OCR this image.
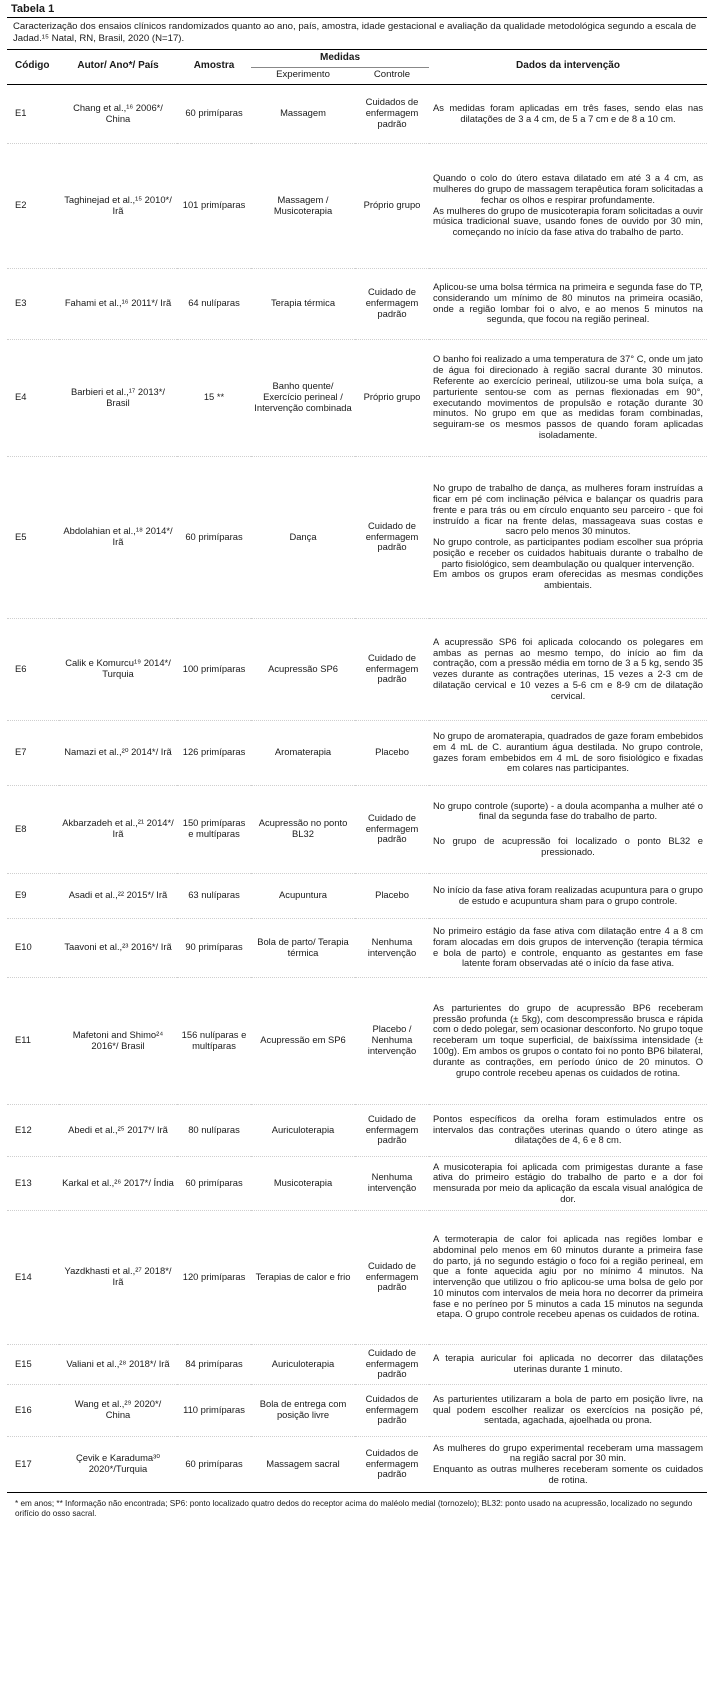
Tabela 1
Caracterização dos ensaios clínicos randomizados quanto ao ano, país, amostra, idade gestacional e avaliação da qualidade metodológica segundo a escala de Jadad.¹⁵ Natal, RN, Brasil, 2020 (N=17).
Código	Autor/ Ano*/ País	Amostra	Medidas		Dados da intervenção
			Experimento	Controle	
E1	Chang et al.,¹⁶ 2006*/ China	60 primíparas	Massagem	Cuidados de enfermagem padrão	As medidas foram aplicadas em três fases, sendo elas nas dilatações de 3 a 4 cm, de 5 a 7 cm e de 8 a 10 cm.

E2	Taghinejad et al.,¹⁵ 2010*/ Irã	101 primíparas	Massagem / Musicoterapia	Próprio grupo	Quando o colo do útero estava dilatado em até 3 a 4 cm, as mulheres do grupo de massagem terapêutica foram solicitadas a fechar os olhos e respirar profundamente.

As mulheres do grupo de musicoterapia foram solicitadas a ouvir música tradicional suave, usando fones de ouvido por 30 min, começando no início da fase ativa do trabalho de parto.

E3	Fahami et al.,¹⁶ 2011*/ Irã	64 nulíparas	Terapia térmica	Cuidado de enfermagem padrão	Aplicou-se uma bolsa térmica na primeira e segunda fase do TP, considerando um mínimo de 80 minutos na primeira ocasião, onde a região lombar foi o alvo, e ao menos 5 minutos na segunda, que focou na região perineal.

E4	Barbieri et al.,¹⁷ 2013*/ Brasil	15 **	Banho quente/ Exercício perineal / Intervenção combinada	Próprio grupo	O banho foi realizado a uma temperatura de 37° C, onde um jato de água foi direcionado à região sacral durante 30 minutos. Referente ao exercício perineal, utilizou-se uma bola suíça, a parturiente sentou-se com as pernas flexionadas em 90°, executando movimentos de propulsão e rotação durante 30 minutos. No grupo em que as medidas foram combinadas, seguiram-se os mesmos passos de quando foram aplicadas isoladamente.

E5	Abdolahian et al.,¹⁸ 2014*/ Irã	60 primíparas	Dança	Cuidado de enfermagem padrão	No grupo de trabalho de dança, as mulheres foram instruídas a ficar em pé com inclinação pélvica e balançar os quadris para frente e para trás ou em círculo enquanto seu parceiro - que foi instruído a ficar na frente delas, massageava suas costas e sacro pelo menos 30 minutos.

No grupo controle, as participantes podiam escolher sua própria posição e receber os cuidados habituais durante o trabalho de parto fisiológico, sem deambulação ou qualquer intervenção.

Em ambos os grupos eram oferecidas as mesmas condições ambientais.

E6	Calik e Komurcu¹⁹ 2014*/ Turquia	100 primíparas	Acupressão SP6	Cuidado de enfermagem padrão	A acupressão SP6 foi aplicada colocando os polegares em ambas as pernas ao mesmo tempo, do início ao fim da contração, com a pressão média em torno de 3 a 5 kg, sendo 35 vezes durante as contrações uterinas, 15 vezes a 2-3 cm de dilatação cervical e 10 vezes a 5-6 cm e 8-9 cm de dilatação cervical.

E7	Namazi et al.,²⁰ 2014*/ Irã	126 primíparas	Aromaterapia	Placebo	No grupo de aromaterapia, quadrados de gaze foram embebidos em 4 mL de C. aurantium água destilada. No grupo controle, gazes foram embebidos em 4 mL de soro fisiológico e fixadas em colares nas participantes.

E8	Akbarzadeh et al.,²¹ 2014*/ Irã	150 primíparas e multíparas	Acupressão no ponto BL32	Cuidado de enfermagem padrão	No grupo controle (suporte) - a doula acompanha a mulher até o final da segunda fase do trabalho de parto.

No grupo de acupressão foi localizado o ponto BL32 e pressionado.

E9	Asadi et al.,²² 2015*/ Irã	63 nulíparas	Acupuntura	Placebo	No início da fase ativa foram realizadas acupuntura para o grupo de estudo e acupuntura sham para o grupo controle.

E10	Taavoni et al.,²³ 2016*/ Irã	90 primíparas	Bola de parto/ Terapia térmica	Nenhuma intervenção	No primeiro estágio da fase ativa com dilatação entre 4 a 8 cm foram alocadas em dois grupos de intervenção (terapia térmica e bola de parto) e controle, enquanto as gestantes em fase latente foram observadas até o início da fase ativa.

E11	Mafetoni and Shimo²⁴ 2016*/ Brasil	156 nulíparas e multíparas	Acupressão em SP6	Placebo / Nenhuma intervenção	As parturientes do grupo de acupressão BP6 receberam pressão profunda (± 5kg), com descompressão brusca e rápida com o dedo polegar, sem ocasionar desconforto. No grupo toque receberam um toque superficial, de baixíssima intensidade (± 100g). Em ambos os grupos o contato foi no ponto BP6 bilateral, durante as contrações, em período único de 20 minutos. O grupo controle recebeu apenas os cuidados de rotina.

E12	Abedi et al.,²⁵ 2017*/ Irã	80 nulíparas	Auriculoterapia	Cuidado de enfermagem padrão	Pontos específicos da orelha foram estimulados entre os intervalos das contrações uterinas quando o útero atinge as dilatações de 4, 6 e 8 cm.

E13	Karkal et al.,²⁶ 2017*/ Índia	60 primíparas	Musicoterapia	Nenhuma intervenção	A musicoterapia foi aplicada com primigestas durante a fase ativa do primeiro estágio do trabalho de parto e a dor foi mensurada por meio da aplicação da escala visual analógica de dor.

E14	Yazdkhasti et al.,²⁷ 2018*/ Irã	120 primíparas	Terapias de calor e frio	Cuidado de enfermagem padrão	A termoterapia de calor foi aplicada nas regiões lombar e abdominal pelo menos em 60 minutos durante a primeira fase do parto, já no segundo estágio o foco foi a região perineal, em que a fonte aquecida agiu por no mínimo 4 minutos. Na intervenção que utilizou o frio aplicou-se uma bolsa de gelo por 10 minutos com intervalos de meia hora no decorrer da primeira fase e no períneo por 5 minutos a cada 15 minutos na segunda etapa. O grupo controle recebeu apenas os cuidados de rotina.

E15	Valiani et al.,²⁸ 2018*/ Irã	84 primíparas	Auriculoterapia	Cuidado de enfermagem padrão	A terapia auricular foi aplicada no decorrer das dilatações uterinas durante 1 minuto.

E16	Wang et al.,²⁹ 2020*/ China	110 primíparas	Bola de entrega com posição livre	Cuidados de enfermagem padrão	As parturientes utilizaram a bola de parto em posição livre, na qual podem escolher realizar os exercícios na posição pé, sentada, agachada, ajoelhada ou prona.

E17	Çevik e Karaduma³⁰ 2020*/Turquia	60 primíparas	Massagem sacral	Cuidados de enfermagem padrão	As mulheres do grupo experimental receberam uma massagem na região sacral por 30 min.

Enquanto as outras mulheres receberam somente os cuidados de rotina.

* em anos; ** Informação não encontrada; SP6: ponto localizado quatro dedos do receptor acima do maléolo medial (tornozelo); BL32: ponto usado na acupressão, localizado no segundo orifício do osso sacral.
